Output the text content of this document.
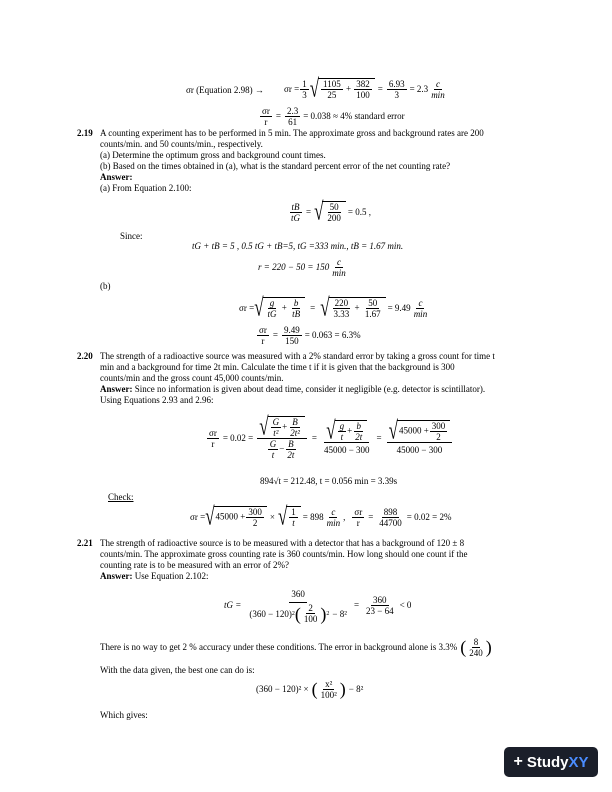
σr (Equation $2.98) \to \sigma r = \frac{1}{3}$ √ $\frac{1105}{25} + \frac{382}{100} = \frac{6.93}{3} = 2.3 \frac{c}{\min}$
$\frac{\sigma r}{r} = \frac{2.3}{61} = 0.038 \approx 4\%$ standard error
2.19 A counting experiment has to be performed in 5 min. The approximate gross and background rates are 200
counts/min. and 50 counts/min., respectively.
(a) Determine the optimum gross and background count times.
(b) Based on the times obtained in (a), what is the standard percent error of the net counting rate?
Answer:
(a) From Equation 2.100:
$\frac{tB}{tG}$ = √ $\frac{50}{200} = 0.5$ ,
Since:
tG + tB = 5 , 0.5 tG + tB=5, tG =333 min., tB = 1.67 min.
$r = 220 - 50 = 150 \frac{c}{\min}$
(b)
σr = √ $\frac{g}{tG} + \frac{b}{tB}$ = √ $\frac{220}{3.33} + \frac{50}{1.67} = 9.49 \frac{c}{\min}$
$\frac{\sigma r}{r} = \frac{9.49}{150} = 0.063 = 6.3\%$
2.20 The strength of a radioactive source was measured with a 2% standard error by taking a gross count for time t
min and a background for time 2t min. Calculate the time t if it is given that the background is 300
counts/min and the gross count 45,000 counts/min.
Answer: Since no information is given about dead time, consider it negligible (e.g. detector is scintillator).
Using Equations 2.93 and 2.96:
$\frac{\sigma r}{r} = 0.02 = \frac{√ \frac{G}{\text{t²}} + \frac{B}{\text{2t²}}}{\frac{G}{t} - \frac{B}{2t}} = \frac{√ \frac{g}{t} + \frac{b}{2t}}{45000 - 300} = \frac{√45000 + \frac{300}{2}}{45000 - 300}$
894√t = 212.48, t = 0.056 min = 3.39s
Check:
σr = √ $45000 + \frac{300}{2}$ × √ $\frac{1}{t} = 898 \frac{c}{\min}$ , $\frac{\sigma r}{r} = \frac{898}{44700} = 0.02 = 2\%$
2.21 The strength of radioactive source is to be measured with a detector that has a background of 120 ± 8
counts/min. The approximate gross counting rate is 360 counts/min. How long should one count if the
counting rate is to be measured with an error of 2%?
Answer: Use Equation 2.102:
tG = $\frac{360}{(360 - 120) 2 ( \frac{2}{100} ) 2 - 8^2} = \frac{360}{23 - 64} < 0$
There is no way to get 2 % accuracy under these conditions. The error in background alone is 3.3% ( $\frac{8}{240}$ )
With the data given, the best one can do is:
(360 − 120)² × ( $\frac{\text{x²}}{\text{100²}}$ ) − 8²
Which gives:
+ Study XY
